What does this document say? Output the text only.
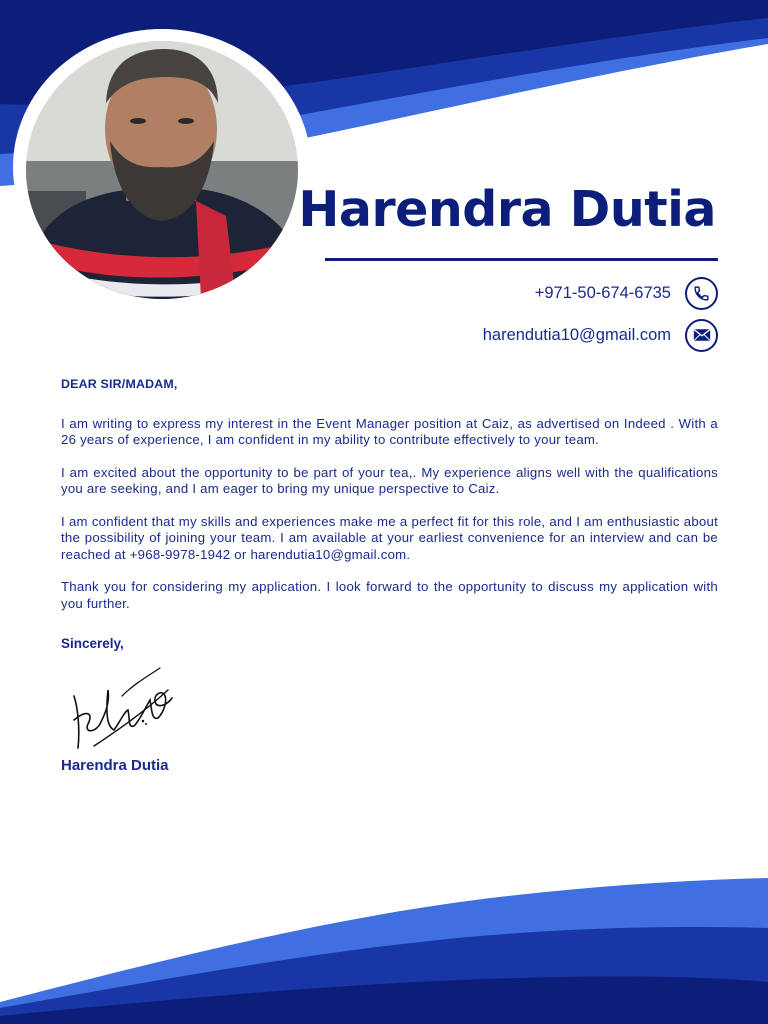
Harendra Dutia
+971-50-674-6735
harendutia10@gmail.com

DEAR SIR/MADAM,

I am writing to express my interest in the Event Manager position at Caiz, as advertised on Indeed . With a 26 years of experience, I am confident in my ability to contribute effectively to your team.

I am excited about the opportunity to be part of your tea,. My experience aligns well with the qualifications you are seeking, and I am eager to bring my unique perspective to Caiz.

I am confident that my skills and experiences make me a perfect fit for this role, and I am enthusiastic about the possibility of joining your team. I am available at your earliest convenience for an interview and can be reached at +968-9978-1942 or harendutia10@gmail.com.

Thank you for considering my application. I look forward to the opportunity to discuss my application with you further.

Sincerely,

Harendra Dutia
